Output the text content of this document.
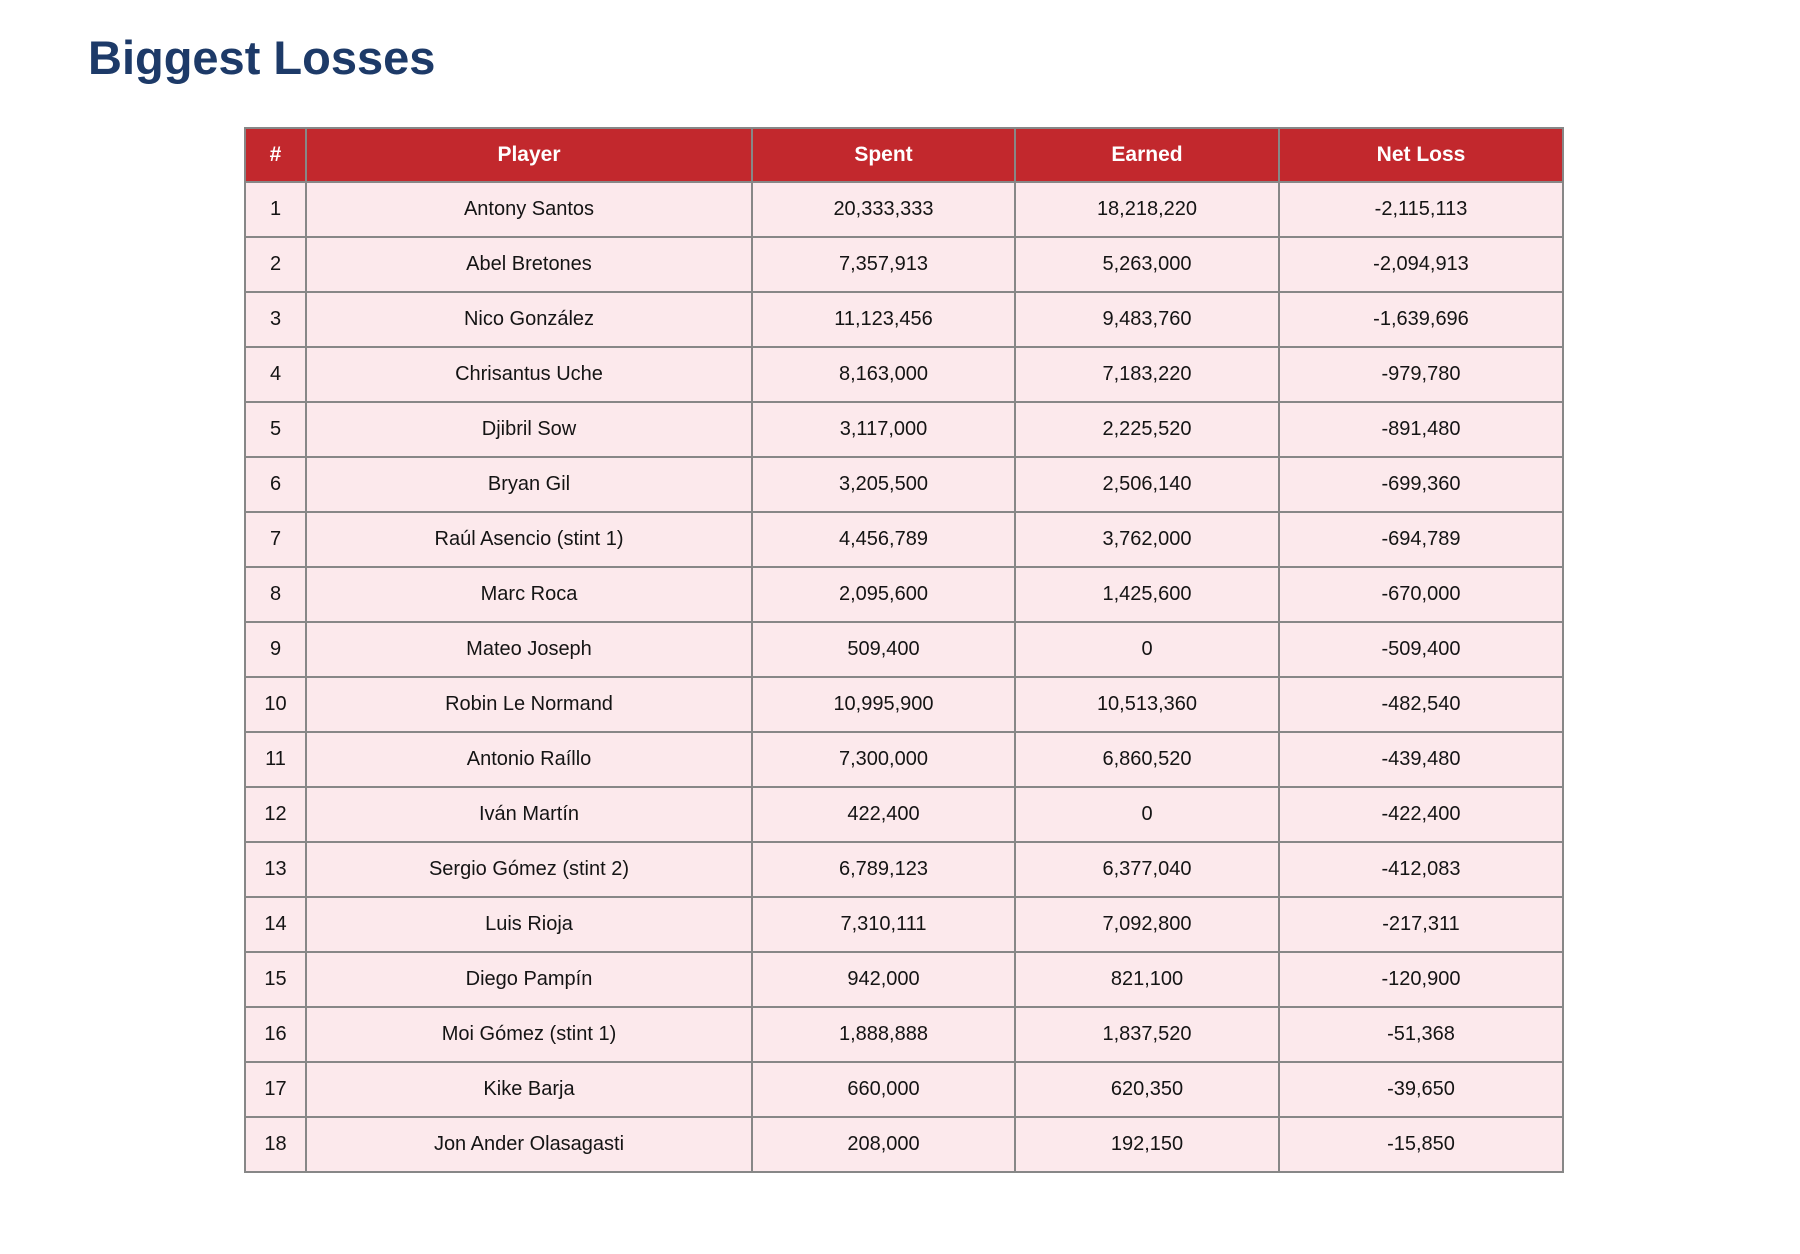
Biggest Losses
#	Player	Spent	Earned	Net Loss
1	Antony Santos	20,333,333	18,218,220	-2,115,113
2	Abel Bretones	7,357,913	5,263,000	-2,094,913
3	Nico González	11,123,456	9,483,760	-1,639,696
4	Chrisantus Uche	8,163,000	7,183,220	-979,780
5	Djibril Sow	3,117,000	2,225,520	-891,480
6	Bryan Gil	3,205,500	2,506,140	-699,360
7	Raúl Asencio (stint 1)	4,456,789	3,762,000	-694,789
8	Marc Roca	2,095,600	1,425,600	-670,000
9	Mateo Joseph	509,400	0	-509,400
10	Robin Le Normand	10,995,900	10,513,360	-482,540
11	Antonio Raíllo	7,300,000	6,860,520	-439,480
12	Iván Martín	422,400	0	-422,400
13	Sergio Gómez (stint 2)	6,789,123	6,377,040	-412,083
14	Luis Rioja	7,310,111	7,092,800	-217,311
15	Diego Pampín	942,000	821,100	-120,900
16	Moi Gómez (stint 1)	1,888,888	1,837,520	-51,368
17	Kike Barja	660,000	620,350	-39,650
18	Jon Ander Olasagasti	208,000	192,150	-15,850
